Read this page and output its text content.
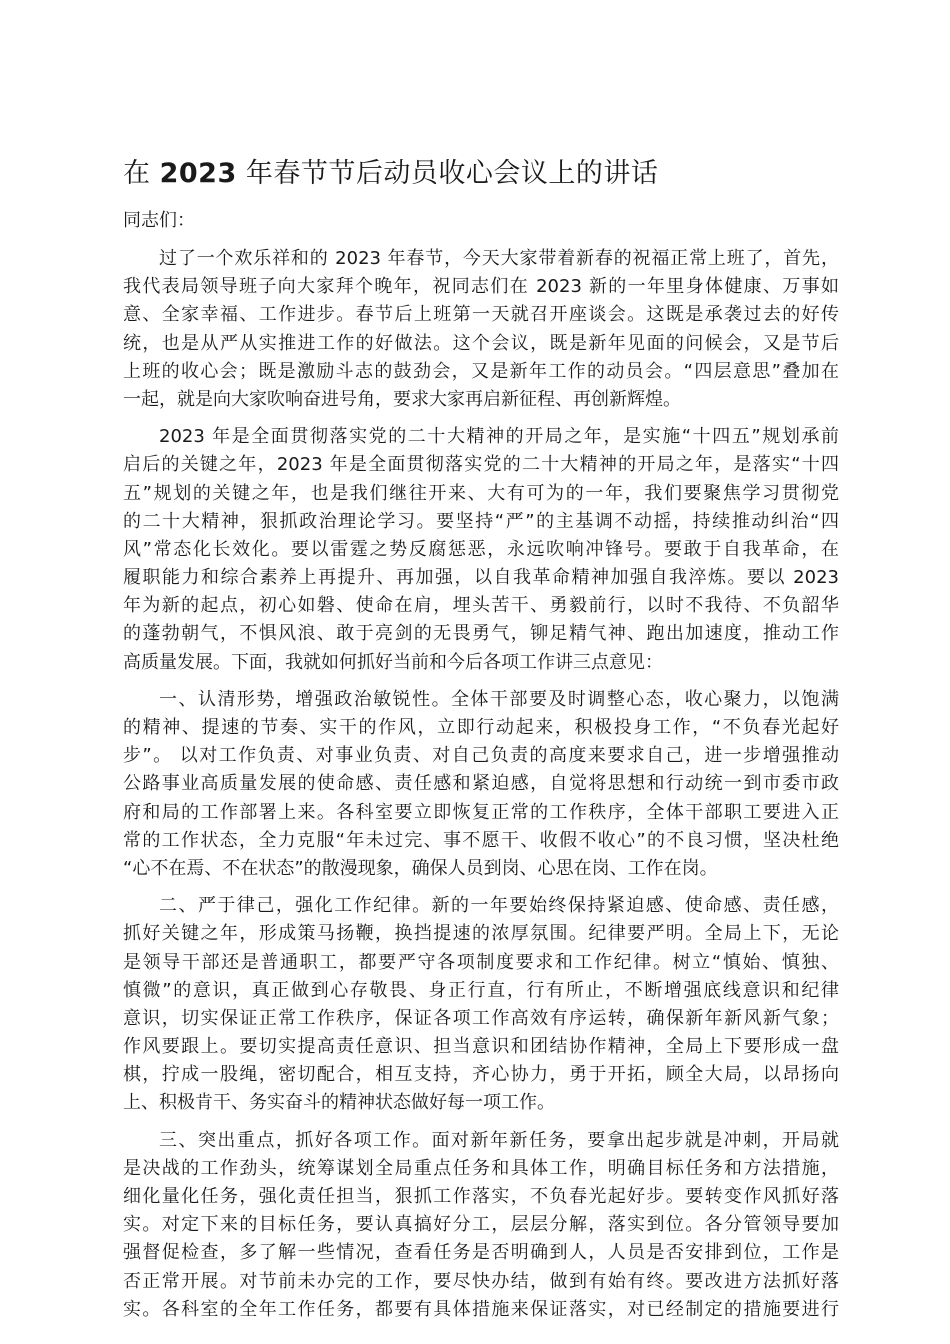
在 2023 年春节节后动员收心会议上的讲话

同志们：

过了一个欢乐祥和的 2023 年春节，今天大家带着新春的祝福正常上班了，首先，
我代表局领导班子向大家拜个晚年，祝同志们在 2023 新的一年里身体健康、万事如
意、全家幸福、工作进步。春节后上班第一天就召开座谈会。这既是承袭过去的好传
统，也是从严从实推进工作的好做法。这个会议，既是新年见面的问候会，又是节后
上班的收心会；既是激励斗志的鼓劲会，又是新年工作的动员会。“四层意思”叠加在
一起，就是向大家吹响奋进号角，要求大家再启新征程、再创新辉煌。

2023 年是全面贯彻落实党的二十大精神的开局之年，是实施“十四五”规划承前
启后的关键之年，2023 年是全面贯彻落实党的二十大精神的开局之年，是落实“十四
五”规划的关键之年，也是我们继往开来、大有可为的一年，我们要聚焦学习贯彻党
的二十大精神，狠抓政治理论学习。要坚持“严”的主基调不动摇，持续推动纠治“四
风”常态化长效化。要以雷霆之势反腐惩恶，永远吹响冲锋号。要敢于自我革命，在
履职能力和综合素养上再提升、再加强，以自我革命精神加强自我淬炼。要以 2023
年为新的起点，初心如磐、使命在肩，埋头苦干、勇毅前行，以时不我待、不负韶华
的蓬勃朝气，不惧风浪、敢于亮剑的无畏勇气，铆足精气神、跑出加速度，推动工作
高质量发展。下面，我就如何抓好当前和今后各项工作讲三点意见：

一、认清形势，增强政治敏锐性。全体干部要及时调整心态，收心聚力，以饱满
的精神、提速的节奏、实干的作风，立即行动起来，积极投身工作，“不负春光起好
步”。 以对工作负责、对事业负责、对自己负责的高度来要求自己，进一步增强推动
公路事业高质量发展的使命感、责任感和紧迫感，自觉将思想和行动统一到市委市政
府和局的工作部署上来。各科室要立即恢复正常的工作秩序，全体干部职工要进入正
常的工作状态，全力克服“年未过完、事不愿干、收假不收心”的不良习惯，坚决杜绝
“心不在焉、不在状态”的散漫现象，确保人员到岗、心思在岗、工作在岗。

二、严于律己，强化工作纪律。新的一年要始终保持紧迫感、使命感、责任感，
抓好关键之年，形成策马扬鞭，换挡提速的浓厚氛围。纪律要严明。全局上下，无论
是领导干部还是普通职工，都要严守各项制度要求和工作纪律。树立“慎始、慎独、
慎微”的意识，真正做到心存敬畏、身正行直，行有所止，不断增强底线意识和纪律
意识，切实保证正常工作秩序，保证各项工作高效有序运转，确保新年新风新气象；
作风要跟上。要切实提高责任意识、担当意识和团结协作精神，全局上下要形成一盘
棋，拧成一股绳，密切配合，相互支持，齐心协力，勇于开拓，顾全大局，以昂扬向
上、积极肯干、务实奋斗的精神状态做好每一项工作。

三、突出重点，抓好各项工作。面对新年新任务，要拿出起步就是冲刺，开局就
是决战的工作劲头，统筹谋划全局重点任务和具体工作，明确目标任务和方法措施，
细化量化任务，强化责任担当，狠抓工作落实，不负春光起好步。要转变作风抓好落
实。对定下来的目标任务，要认真搞好分工，层层分解，落实到位。各分管领导要加
强督促检查，多了解一些情况，查看任务是否明确到人，人员是否安排到位，工作是
否正常开展。对节前未办完的工作，要尽快办结，做到有始有终。要改进方法抓好落
实。各科室的全年工作任务，都要有具体措施来保证落实，对已经制定的措施要进行
